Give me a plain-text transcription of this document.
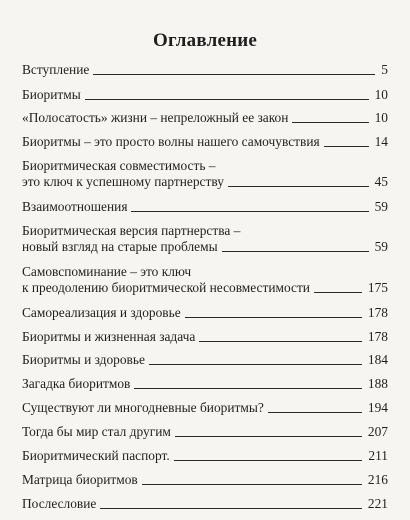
Оглавление
Вступление	5
Биоритмы	10
«Полосатость» жизни – непреложный ее закон	10
Биоритмы – это просто волны нашего самочувствия	14
Биоритмическая совместимость –
это ключ к успешному партнерству	45
Взаимоотношения	59
Биоритмическая версия партнерства –
новый взгляд на старые проблемы	59
Самовспоминание – это ключ
к преодолению биоритмической несовместимости	175
Самореализация и здоровье	178
Биоритмы и жизненная задача	178
Биоритмы и здоровье	184
Загадка биоритмов	188
Существуют ли многодневные биоритмы?	194
Тогда бы мир стал другим	207
Биоритмический паспорт.	211
Матрица биоритмов	216
Послесловие	221
